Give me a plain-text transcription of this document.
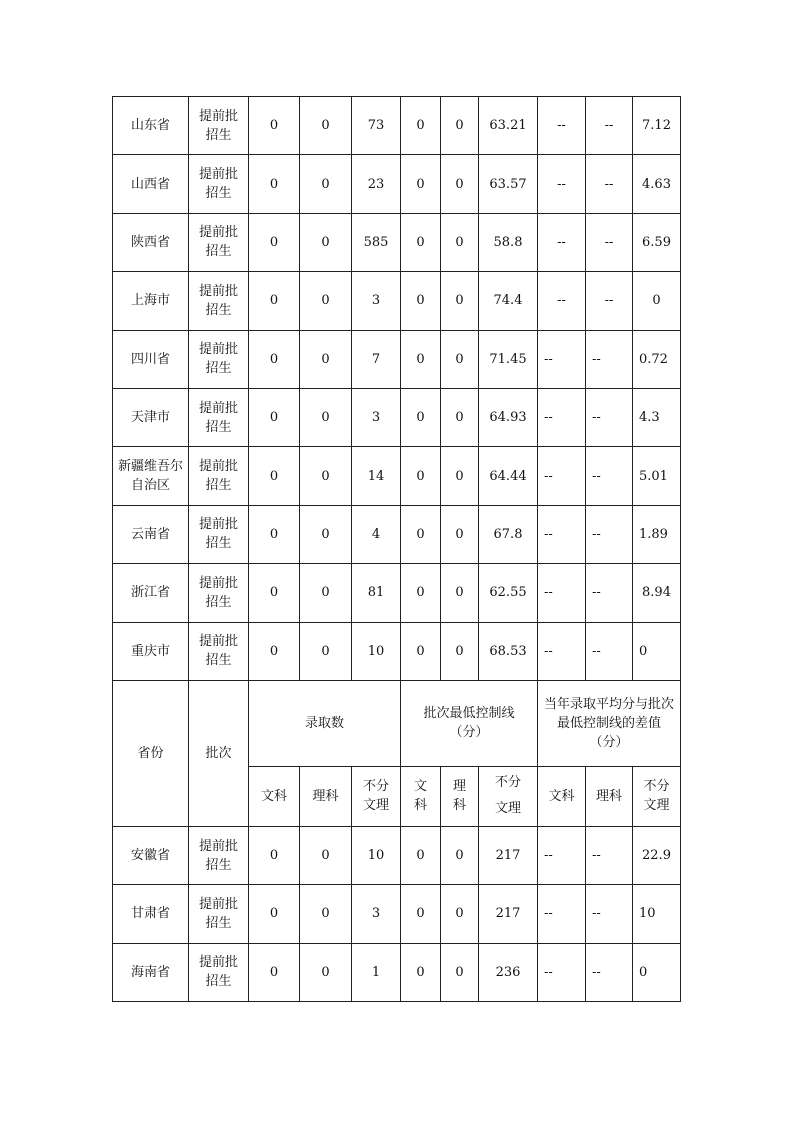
山东省	提前批招生	0	0	73	0	0	63.21	--	--	7.12
山西省	提前批招生	0	0	23	0	0	63.57	--	--	4.63
陕西省	提前批招生	0	0	585	0	0	58.8	--	--	6.59
上海市	提前批招生	0	0	3	0	0	74.4	--	--	0
四川省	提前批招生	0	0	7	0	0	71.45	--	--	0.72
天津市	提前批招生	0	0	3	0	0	64.93	--	--	4.3
新疆维吾尔自治区	提前批招生	0	0	14	0	0	64.44	--	--	5.01
云南省	提前批招生	0	0	4	0	0	67.8	--	--	1.89
浙江省	提前批招生	0	0	81	0	0	62.55	--	--	8.94
重庆市	提前批招生	0	0	10	0	0	68.53	--	--	0
省份	批次	录取数			批次最低控制线（分）			当年录取平均分与批次最低控制线的差值（分）		
		文科	理科	不分文理	文 科	理 科	不分文理	文科	理科	不分文理
安徽省	提前批招生	0	0	10	0	0	217	--	--	22.9
甘肃省	提前批招生	0	0	3	0	0	217	--	--	10
海南省	提前批招生	0	0	1	0	0	236	--	--	0
